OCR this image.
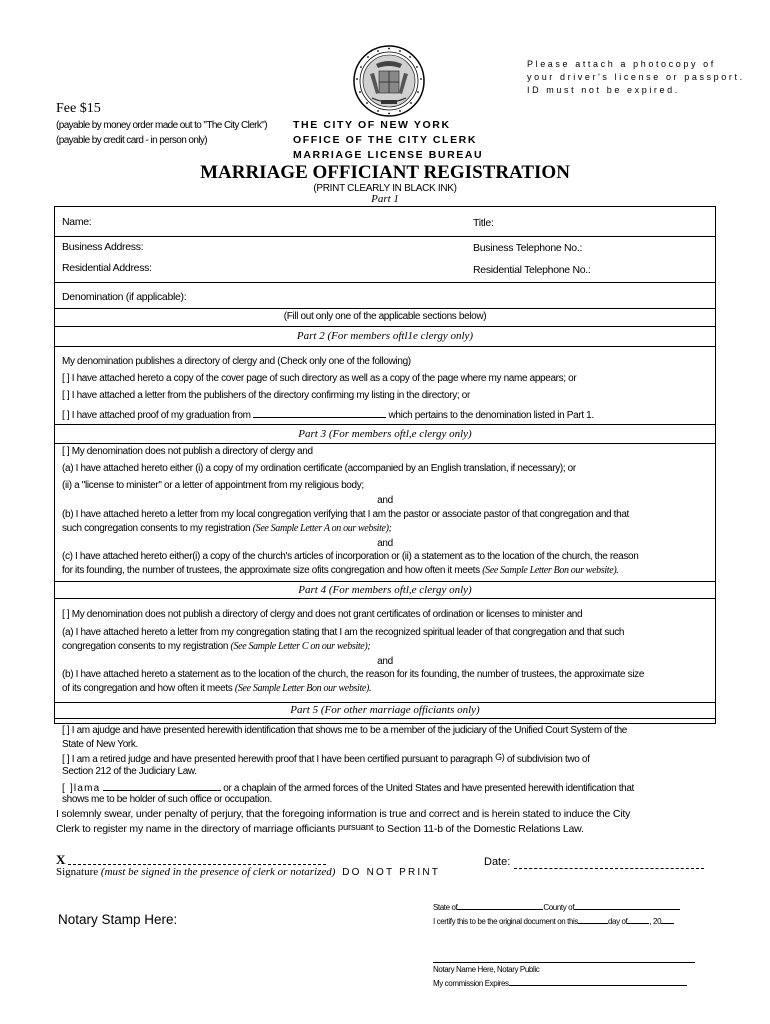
Please attach a photocopy of
your driver's license or passport.
ID must not be expired.
Fee $15
(payable by money order made out to "The City Clerk")
(payable by credit card - in person only)
THE CITY OF NEW YORK
OFFICE OF THE CITY CLERK
MARRIAGE LICENSE BUREAU
MARRIAGE OFFICIANT REGISTRATION
(PRINT CLEARLY IN BLACK INK)
Part 1
Name:	Title:
Business Address:	Business Telephone No.:
Residential Address:	Residential Telephone No.:
Denomination (if applicable):
(Fill out only one of the applicable sections below)
Part 2 (For members oftl1e clergy only)
My denomination publishes a directory of clergy and (Check only one of the following)
[ ] I have attached hereto a copy of the cover page of such directory as well as a copy of the page where my name appears; or
[ ] I have attached a letter from the publishers of the directory confirming my listing in the directory; or
[ ] I have attached proof of my graduation from	which pertains to the denomination listed in Part 1.
Part 3 (For members oftl,e clergy only)
[ ] My denomination does not publish a directory of clergy and
(a) I have attached hereto either (i) a copy of my ordination certificate (accompanied by an English translation, if necessary); or
(ii) a "license to minister" or a letter of appointment from my religious body;
and
(b) I have attached hereto a letter from my local congregation verifying that I am the pastor or associate pastor of that congregation and that
such congregation consents to my registration (See Sample Letter A on our website);
and
(c) I have attached hereto either(i) a copy of the church's articles of incorporation or (ii) a statement as to the location of the church, the reason
for its founding, the number of trustees, the approximate size ofits congregation and how often it meets (See Sample Letter Bon our website).
Part 4 (For members oftl,e clergy only)
[ ] My denomination does not publish a directory of clergy and does not grant certificates of ordination or licenses to minister and
(a) I have attached hereto a letter from my congregation stating that I am the recognized spiritual leader of that congregation and that such
congregation consents to my registration (See Sample Letter C on our website);
and
(b) I have attached hereto a statement as to the location of the church, the reason for its founding, the number of trustees, the approximate size
of its congregation and how often it meets (See Sample Letter Bon our website).
Part 5 (For other marriage officiants only)
[ ] I am ajudge and have presented herewith identification that shows me to be a member of the judiciary of the Unified Court System of the
State of New York.
[ ] I am a retired judge and have presented herewith proof that I have been certified pursuant to paragraph G) of subdivision two of
Section 212 of the Judiciary Law.
[ ]lama	or a chaplain of the armed forces of the United States and have presented herewith identification that
shows me to be holder of such office or occupation.
I solemnly swear, under penalty of perjury, that the foregoing information is true and correct and is herein stated to induce the City
Clerk to register my name in the directory of marriage officiants pursuant to Section 11-b of the Domestic Relations Law.
X
Signature (must be signed in the presence of clerk or notarized) DO NOT PRINT
Date:
Notary Stamp Here:
State of	County of
I certify this to be the original document on this	day of	, 20
Notary Name Here, Notary Public
My commission Expires
